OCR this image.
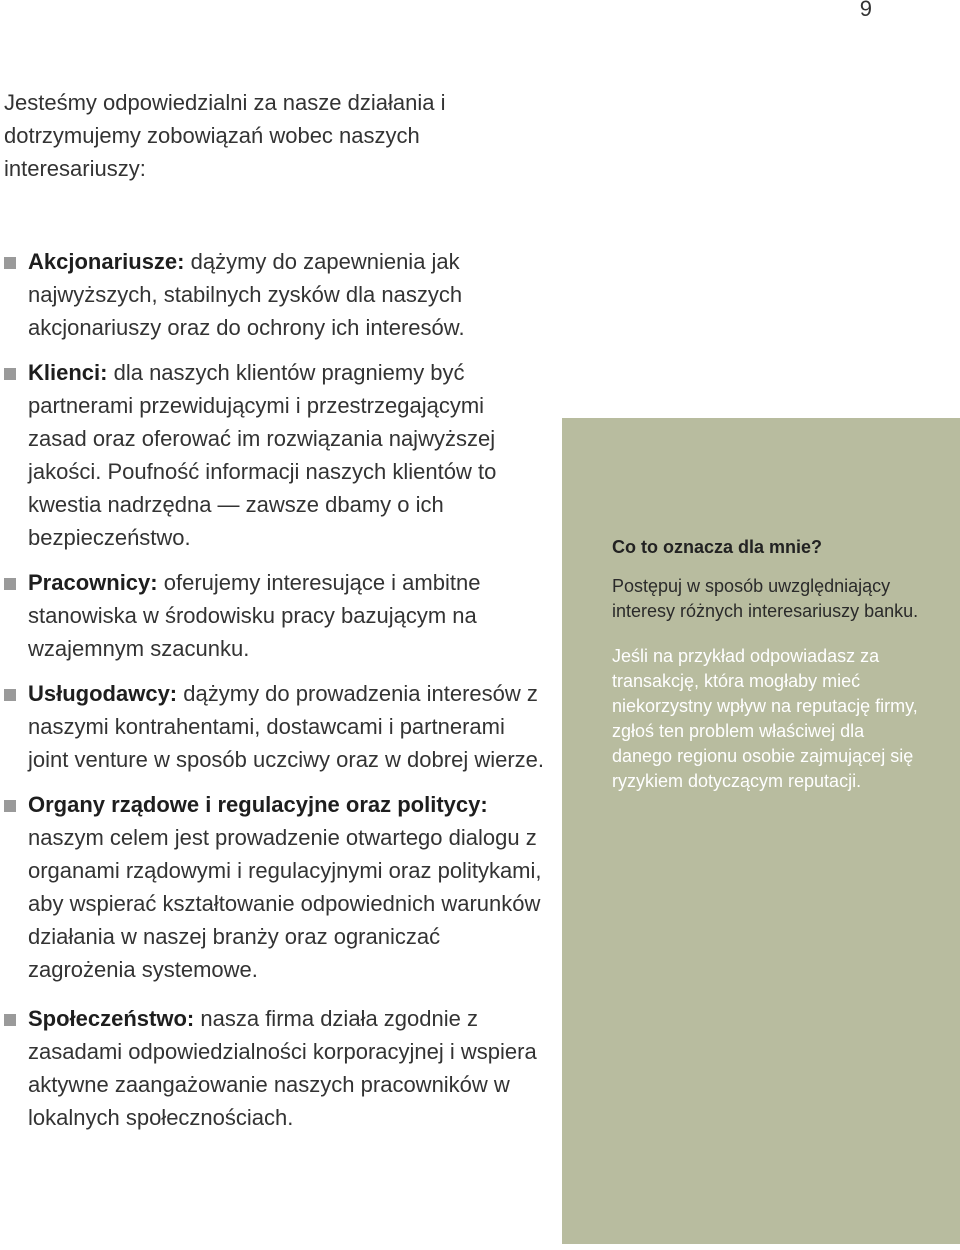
9

Jesteśmy odpowiedzialni za nasze działania i dotrzymujemy zobowiązań wobec naszych interesariuszy:

Akcjonariusze: dążymy do zapewnienia jak najwyższych, stabilnych zysków dla naszych akcjonariuszy oraz do ochrony ich interesów.
Klienci: dla naszych klientów pragniemy być partnerami przewidującymi i przestrzegającymi zasad oraz oferować im rozwiązania najwyższej jakości. Poufność informacji naszych klientów to kwestia nadrzędna — zawsze dbamy o ich bezpieczeństwo.
Pracownicy: oferujemy interesujące i ambitne stanowiska w środowisku pracy bazującym na wzajemnym szacunku.
Usługodawcy: dążymy do prowadzenia interesów z naszymi kontrahentami, dostawcami i partnerami joint venture w sposób uczciwy oraz w dobrej wierze.
Organy rządowe i regulacyjne oraz politycy: naszym celem jest prowadzenie otwartego dialogu z organami rządowymi i regulacyjnymi oraz politykami, aby wspierać kształtowanie odpowiednich warunków działania w naszej branży oraz ograniczać zagrożenia systemowe.
Społeczeństwo: nasza firma działa zgodnie z zasadami odpowiedzialności korporacyjnej i wspiera aktywne zaangażowanie naszych pracowników w lokalnych społecznościach.
Co to oznacza dla mnie?

Postępuj w sposób uwzględniający interesy różnych interesariuszy banku.

Jeśli na przykład odpowiadasz za transakcję, która mogłaby mieć niekorzystny wpływ na reputację firmy, zgłoś ten problem właściwej dla danego regionu osobie zajmującej się ryzykiem dotyczącym reputacji.
